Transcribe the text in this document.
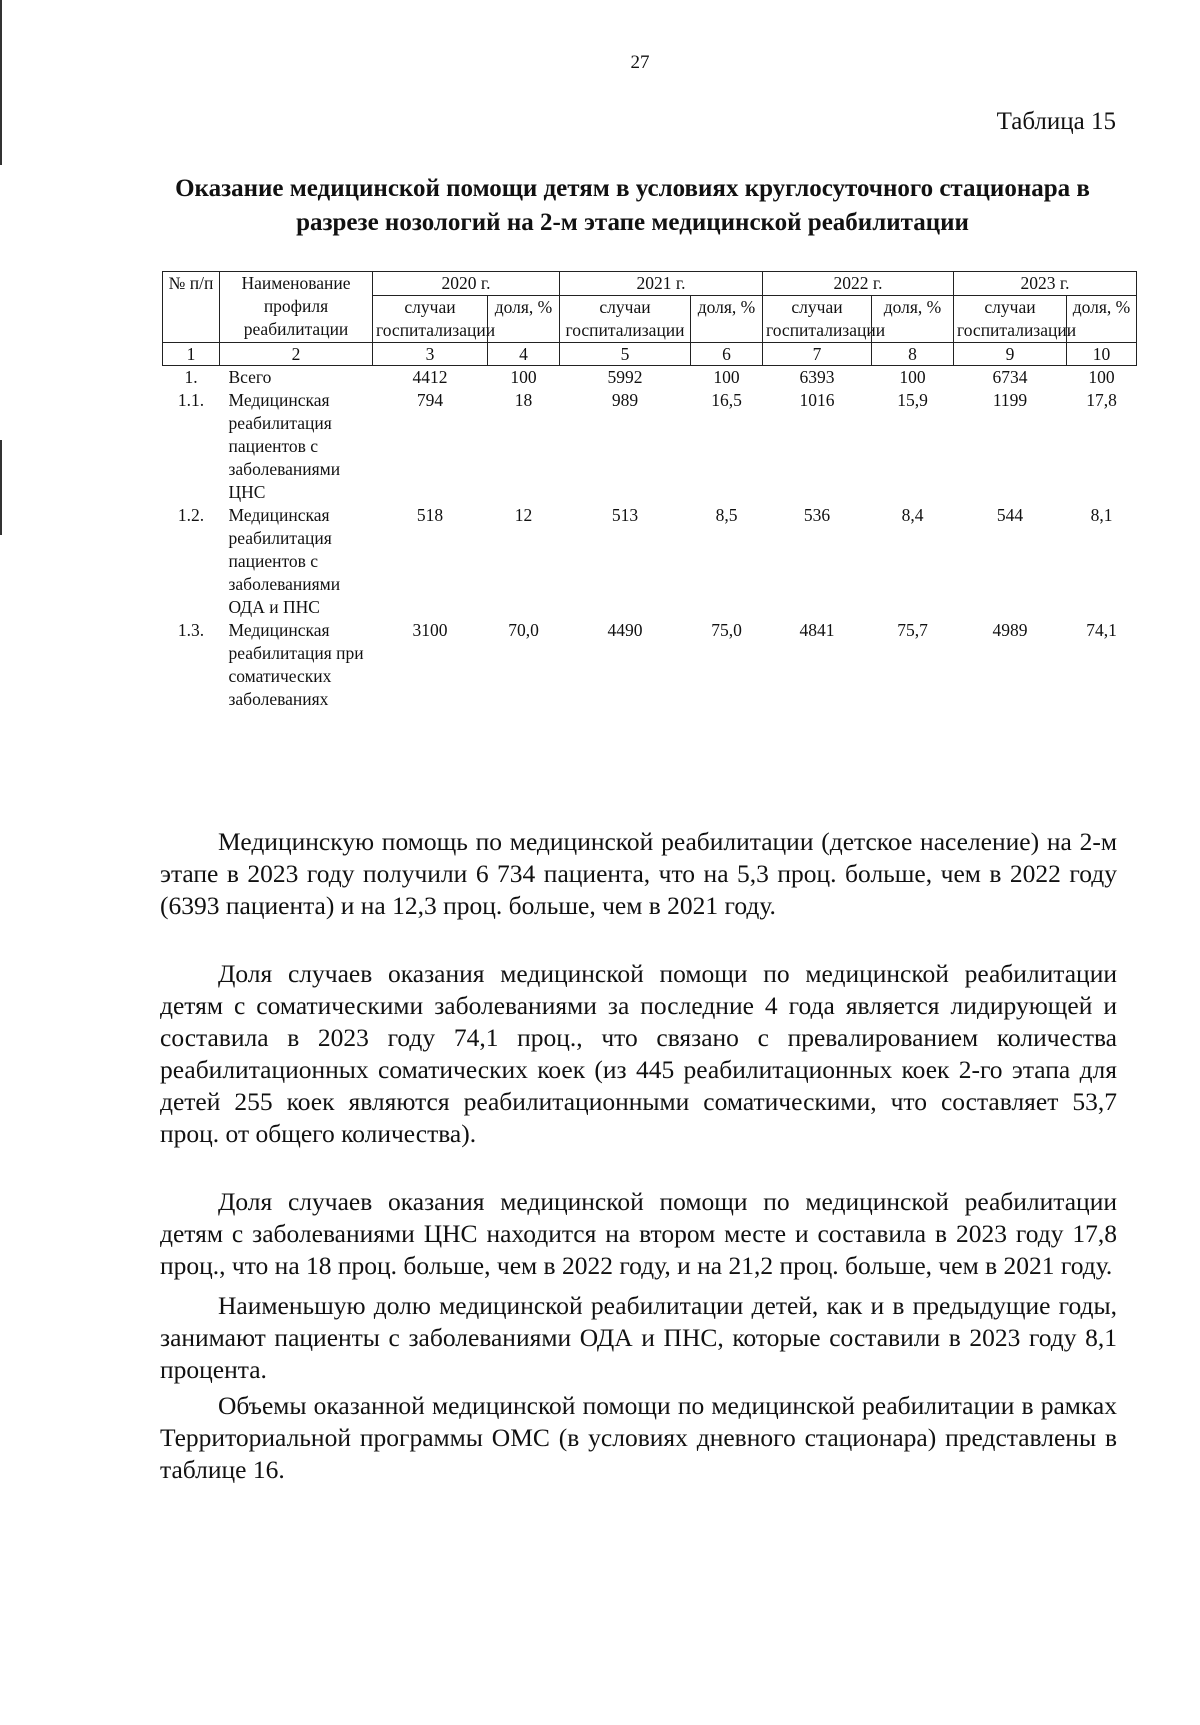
27
Таблица 15
Оказание медицинской помощи детям в условиях круглосуточного стационара в разрезе нозологий на 2-м этапе медицинской реабилитации
№ п/п	Наименование профиля реабилитации	2020 г.		2021 г.		2022 г.		2023 г.	
		случаи госпитализации	доля, %	случаи госпитализации	доля, %	случаи госпитализации	доля, %	случаи госпитализации	доля, %
1	2	3	4	5	6	7	8	9	10
1.	Всего	4412	100	5992	100	6393	100	6734	100
1.1.	Медицинская реабилитация пациентов с заболеваниями ЦНС	794	18	989	16,5	1016	15,9	1199	17,8
1.2.	Медицинская реабилитация пациентов с заболеваниями ОДА и ПНС	518	12	513	8,5	536	8,4	544	8,1
1.3.	Медицинская реабилитация при соматических заболеваниях	3100	70,0	4490	75,0	4841	75,7	4989	74,1

Медицинскую помощь по медицинской реабилитации (детское население) на 2-м этапе в 2023 году получили 6 734 пациента, что на 5,3 проц. больше, чем в 2022 году (6393 пациента) и на 12,3 проц. больше, чем в 2021 году.

Доля случаев оказания медицинской помощи по медицинской реабилитации детям с соматическими заболеваниями за последние 4 года является лидирующей и составила в 2023 году 74,1 проц., что связано с превалированием количества реабилитационных соматических коек (из 445 реабилитационных коек 2-го этапа для детей 255 коек являются реабилитационными соматическими, что составляет 53,7 проц. от общего количества).

Доля случаев оказания медицинской помощи по медицинской реабилитации детям с заболеваниями ЦНС находится на втором месте и составила в 2023 году 17,8 проц., что на 18 проц. больше, чем в 2022 году, и на 21,2 проц. больше, чем в 2021 году.

Наименьшую долю медицинской реабилитации детей, как и в предыдущие годы, занимают пациенты с заболеваниями ОДА и ПНС, которые составили в 2023 году 8,1 процента.

Объемы оказанной медицинской помощи по медицинской реабилитации в рамках Территориальной программы ОМС (в условиях дневного стационара) представлены в таблице 16.
